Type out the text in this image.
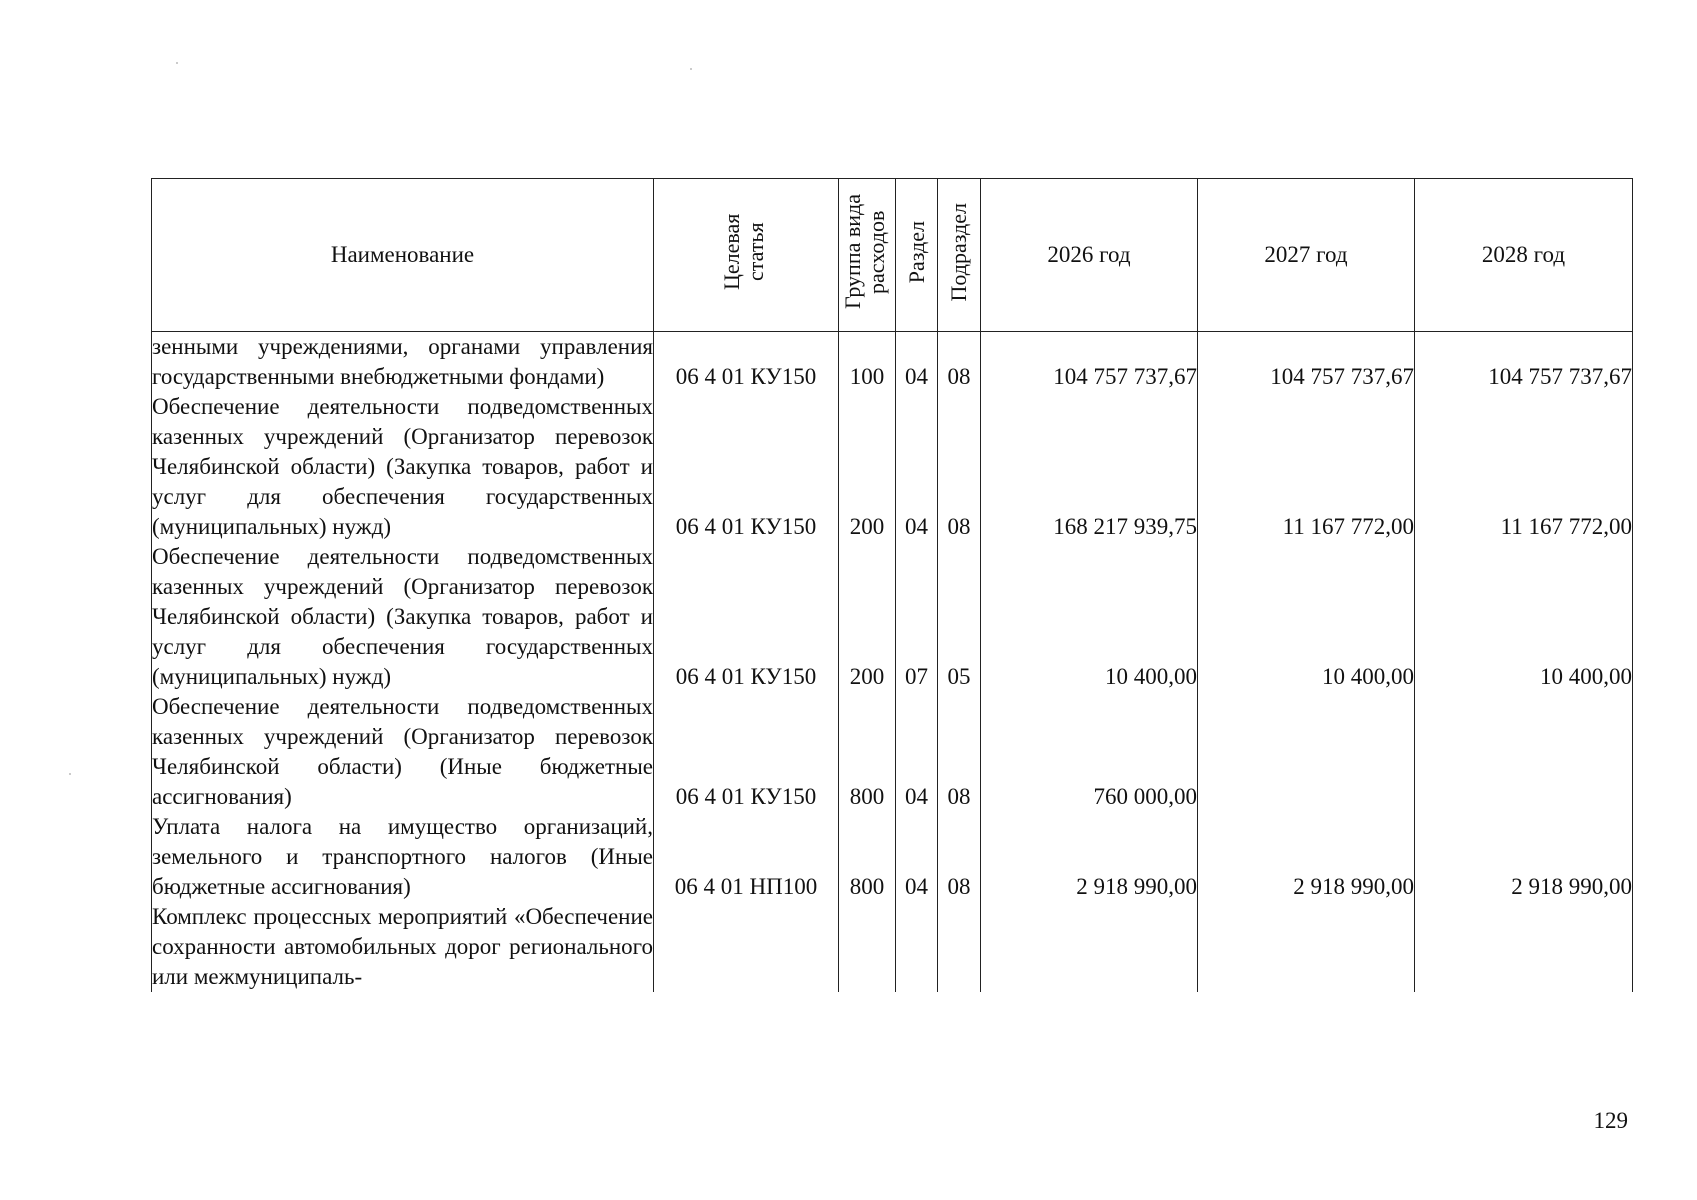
Наименование	Целевая статья	Группа вида расходов	Раздел	Подраздел	2026 год	2027 год	2028 год
зенными учреждениями, органами управления государственными внебюджетными фондами)	06 4 01 КУ150	100	04	08	104 757 737,67	104 757 737,67	104 757 737,67
Обеспечение деятельности подведомственных казенных учреждений (Организатор перевозок Челябинской области) (Закупка товаров, работ и услуг для обеспечения государственных (муниципальных) нужд)	06 4 01 КУ150	200	04	08	168 217 939,75	11 167 772,00	11 167 772,00
Обеспечение деятельности подведомственных казенных учреждений (Организатор перевозок Челябинской области) (Закупка товаров, работ и услуг для обеспечения государственных (муниципальных) нужд)	06 4 01 КУ150	200	07	05	10 400,00	10 400,00	10 400,00
Обеспечение деятельности подведомственных казенных учреждений (Организатор перевозок Челябинской области) (Иные бюджетные ассигнования)	06 4 01 КУ150	800	04	08	760 000,00		
Уплата налога на имущество организаций, земельного и транспортного налогов (Иные бюджетные ассигнования)	06 4 01 НП100	800	04	08	2 918 990,00	2 918 990,00	2 918 990,00
Комплекс процессных мероприятий «Обеспечение сохранности автомобильных дорог регионального или межмуниципаль-							
129
